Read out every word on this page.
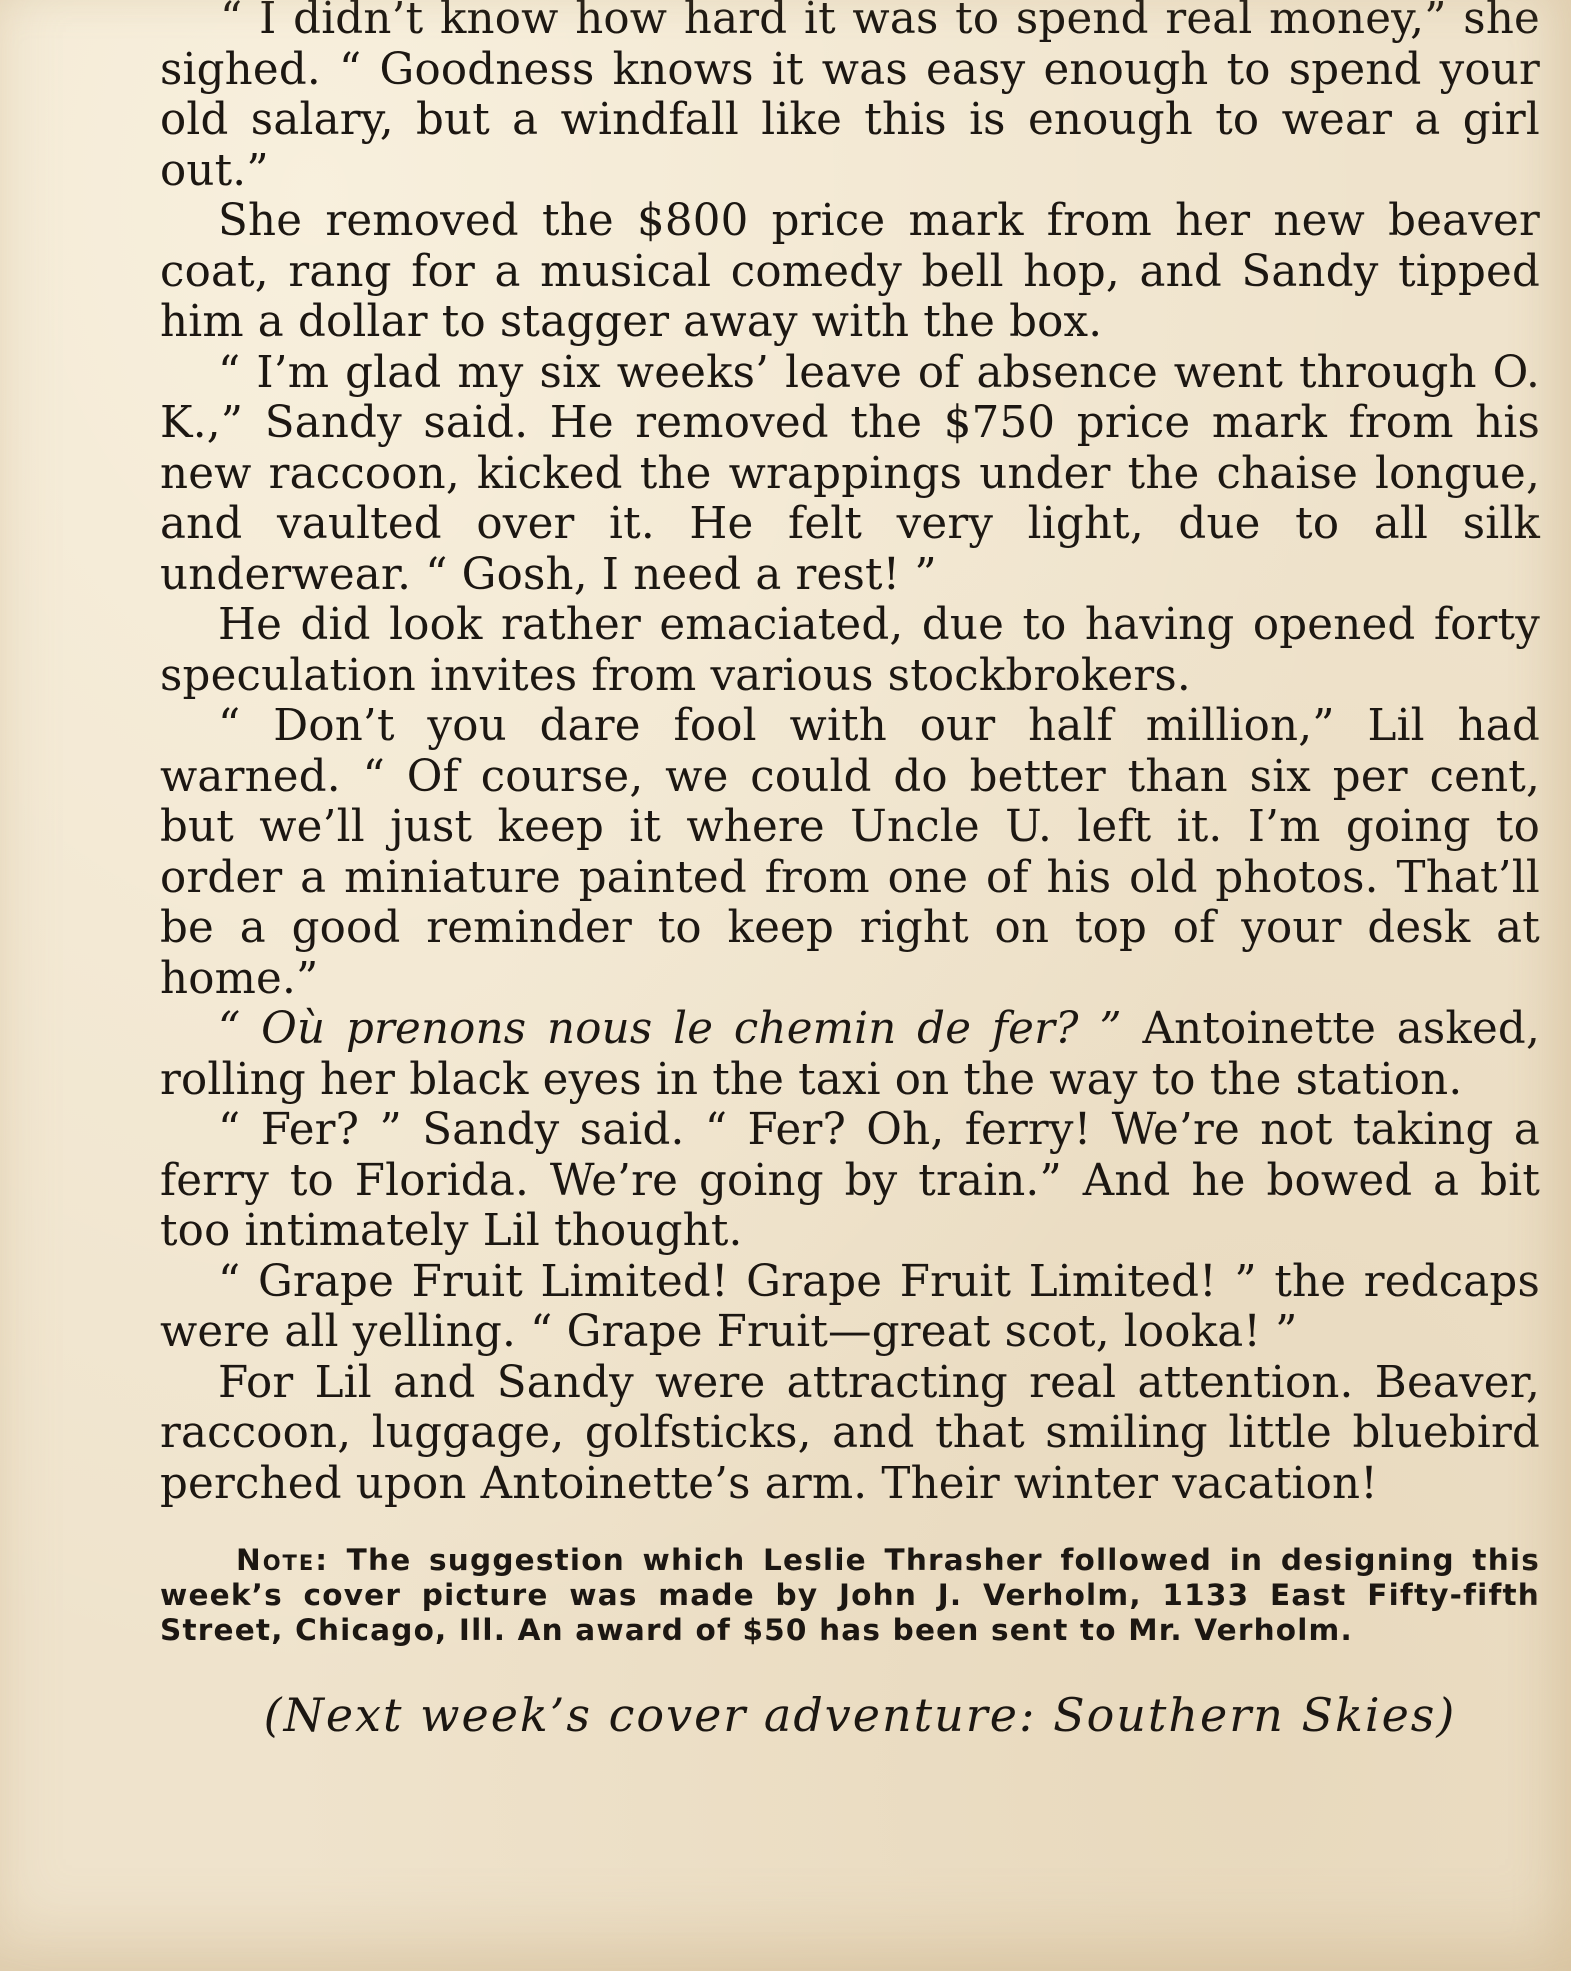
“ I didn’t know how hard it was to spend real money,” she sighed. “ Goodness knows it was easy enough to spend your old salary, but a windfall like this is enough to wear a girl out.”

She removed the $800 price mark from her new beaver coat, rang for a musical comedy bell hop, and Sandy tipped him a dollar to stagger away with the box.

“ I’m glad my six weeks’ leave of absence went through O. K.,” Sandy said. He removed the $750 price mark from his new raccoon, kicked the wrappings under the chaise longue, and vaulted over it. He felt very light, due to all silk underwear. “ Gosh, I need a rest! ”

He did look rather emaciated, due to having opened forty speculation invites from various stockbrokers.

“ Don’t you dare fool with our half million,” Lil had warned. “ Of course, we could do better than six per cent, but we’ll just keep it where Uncle U. left it. I’m going to order a miniature painted from one of his old photos. That’ll be a good reminder to keep right on top of your desk at home.”

“ Où prenons nous le chemin de fer? ” Antoinette asked, rolling her black eyes in the taxi on the way to the station.

“ Fer? ” Sandy said. “ Fer? Oh, ferry! We’re not taking a ferry to Florida. We’re going by train.” And he bowed a bit too intimately Lil thought.

“ Grape Fruit Limited! Grape Fruit Limited! ” the redcaps were all yelling. “ Grape Fruit—great scot, looka! ”

For Lil and Sandy were attracting real attention. Beaver, raccoon, luggage, golfsticks, and that smiling little bluebird perched upon Antoinette’s arm. Their winter vacation!

Note: The suggestion which Leslie Thrasher followed in designing this week’s cover picture was made by John J. Verholm, 1133 East Fifty-fifth Street, Chicago, Ill. An award of $50 has been sent to Mr. Verholm.
(Next week’s cover adventure: Southern Skies)
